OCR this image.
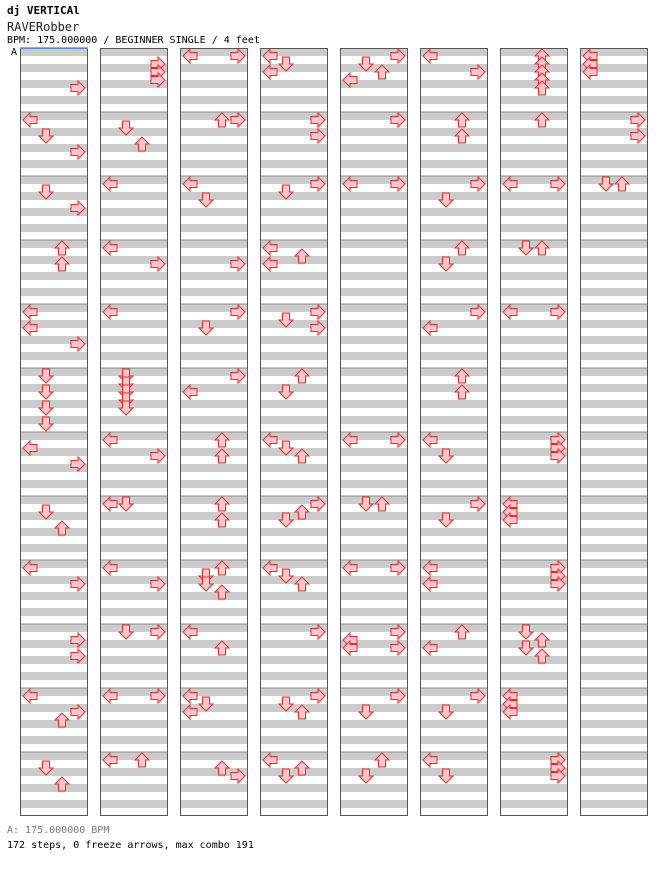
dj VERTICAl
RAVERobber
BPM: 175.000000 / BEGINNER SINGLE / 4 feet
A
A: 175.000000 BPM
172 steps, 0 freeze arrows, max combo 191
